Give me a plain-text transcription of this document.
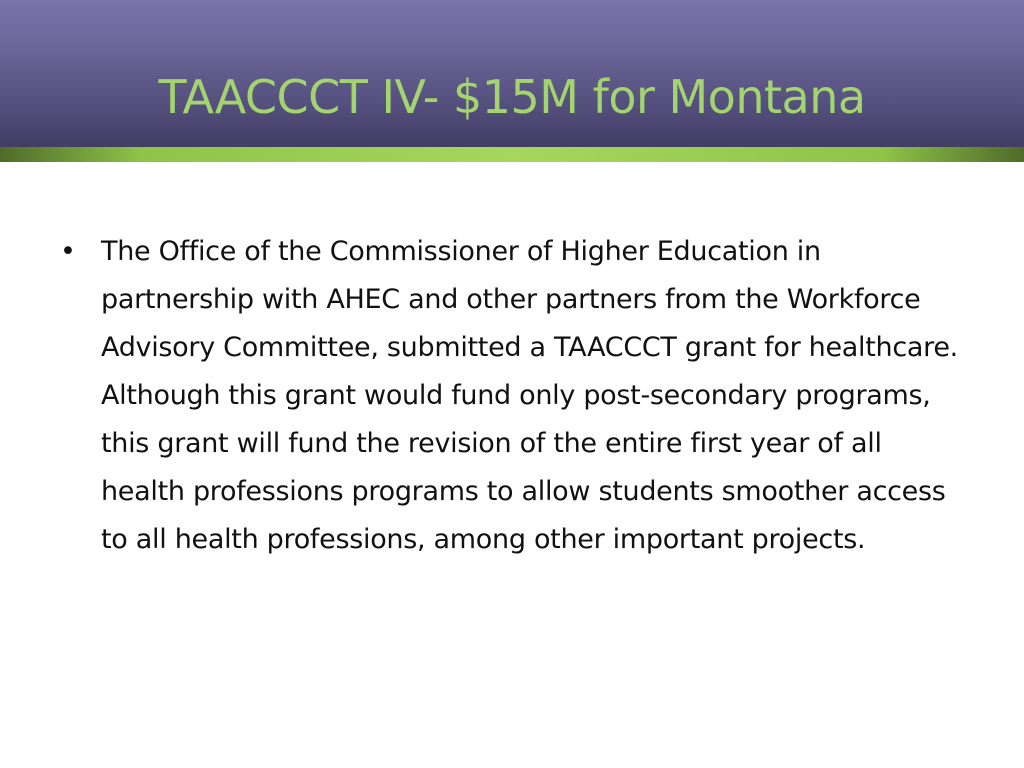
TAACCCT IV- $15M for Montana
• The Office of the Commissioner of Higher Education in partnership with AHEC and other partners from the Workforce Advisory Committee, submitted a TAACCCT grant for healthcare. Although this grant would fund only post-secondary programs, this grant will fund the revision of the entire first year of all health professions programs to allow students smoother access to all health professions, among other important projects.
